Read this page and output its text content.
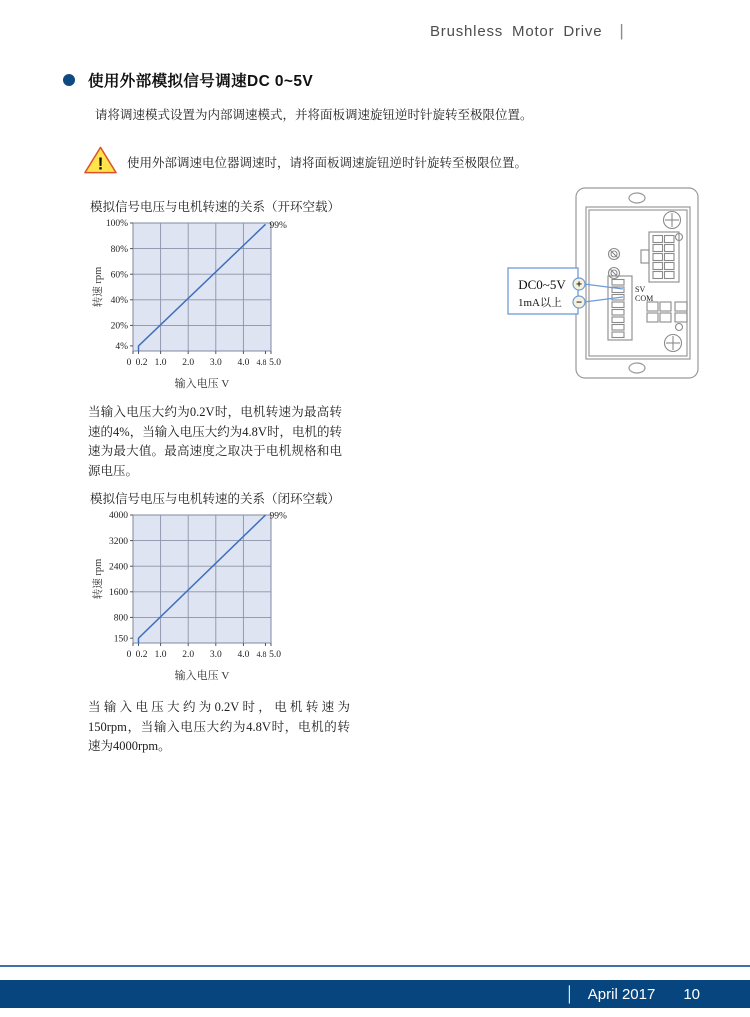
Brushless Motor Drive |
使用外部模拟信号调速DC 0~5V

请将调速模式设置为内部调速模式，并将面板调速旋钮逆时针旋转至极限位置。

! 使用外部调速电位器调速时，请将面板调速旋钮逆时针旋转至极限位置。

模拟信号电压与电机转速的关系（开环空载）

0 0.2 1.0 2.0 3.0 4.0 4.8 5.0
100%
80%
60%
40%
20%
4%
99%
转速 rpm
输入电压 V
DC0~5V
1mA以上
+
−
SV
COM

当输入电压大约为0.2V时，电机转速为最高转速的4%，当输入电压大约为4.8V时，电机的转速为最大值。最高速度之取决于电机规格和电源电压。

模拟信号电压与电机转速的关系（闭环空载）

0 0.2 1.0 2.0 3.0 4.0 4.8 5.0
4000
3200
2400
1600
800
150
99%
转速 rpm
输入电压 V

当输入电压大约为0.2V时，电机转速为150rpm，当输入电压大约为4.8V时，电机的转速为4000rpm。

│ April 2017 10
